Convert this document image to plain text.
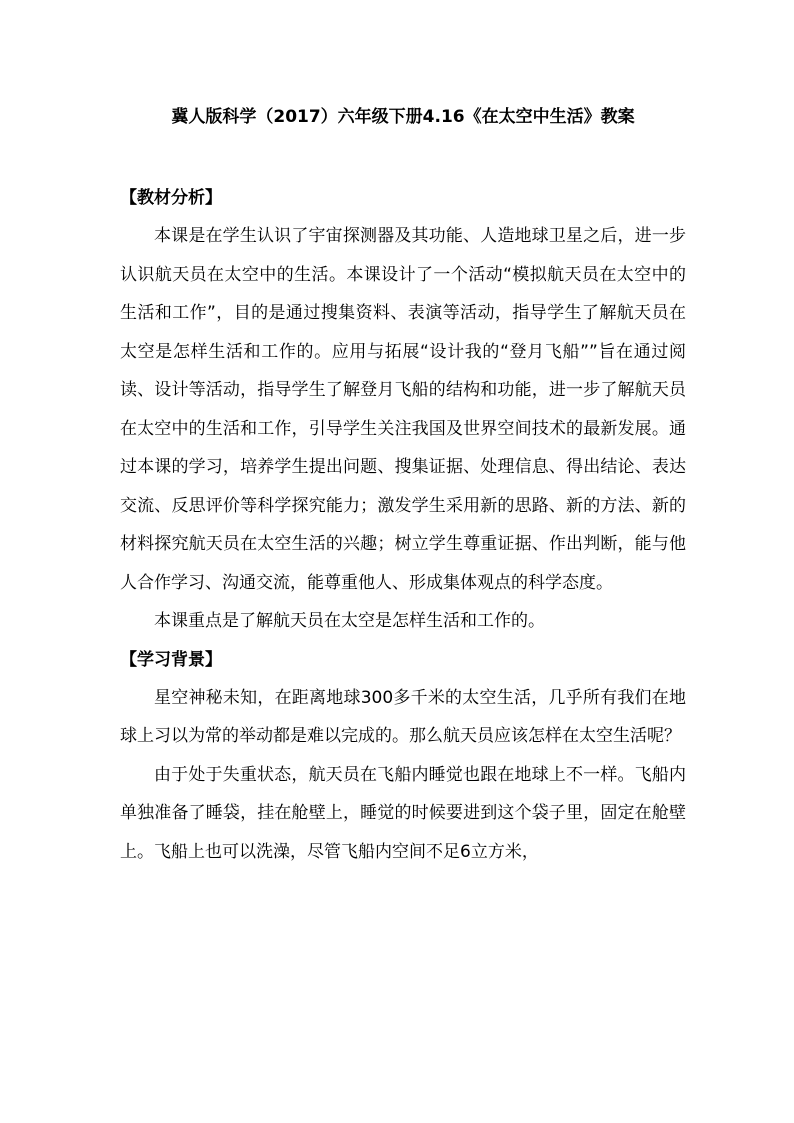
冀人版科学（2017）六年级下册4.16《在太空中生活》教案
【教材分析】

本课是在学生认识了宇宙探测器及其功能、人造地球卫星之后，进一步认识航天员在太空中的生活。本课设计了一个活动“模拟航天员在太空中的生活和工作”，目的是通过搜集资料、表演等活动，指导学生了解航天员在太空是怎样生活和工作的。应用与拓展“设计我的“登月飞船””旨在通过阅读、设计等活动，指导学生了解登月飞船的结构和功能，进一步了解航天员在太空中的生活和工作，引导学生关注我国及世界空间技术的最新发展。通过本课的学习，培养学生提出问题、搜集证据、处理信息、得出结论、表达交流、反思评价等科学探究能力；激发学生采用新的思路、新的方法、新的材料探究航天员在太空生活的兴趣；树立学生尊重证据、作出判断，能与他人合作学习、沟通交流，能尊重他人、形成集体观点的科学态度。

本课重点是了解航天员在太空是怎样生活和工作的。

【学习背景】

星空神秘未知，在距离地球300多千米的太空生活，几乎所有我们在地球上习以为常的举动都是难以完成的。那么航天员应该怎样在太空生活呢？

由于处于失重状态，航天员在飞船内睡觉也跟在地球上不一样。飞船内单独准备了睡袋，挂在舱壁上，睡觉的时候要进到这个袋子里，固定在舱壁上。飞船上也可以洗澡，尽管飞船内空间不足6立方米，
